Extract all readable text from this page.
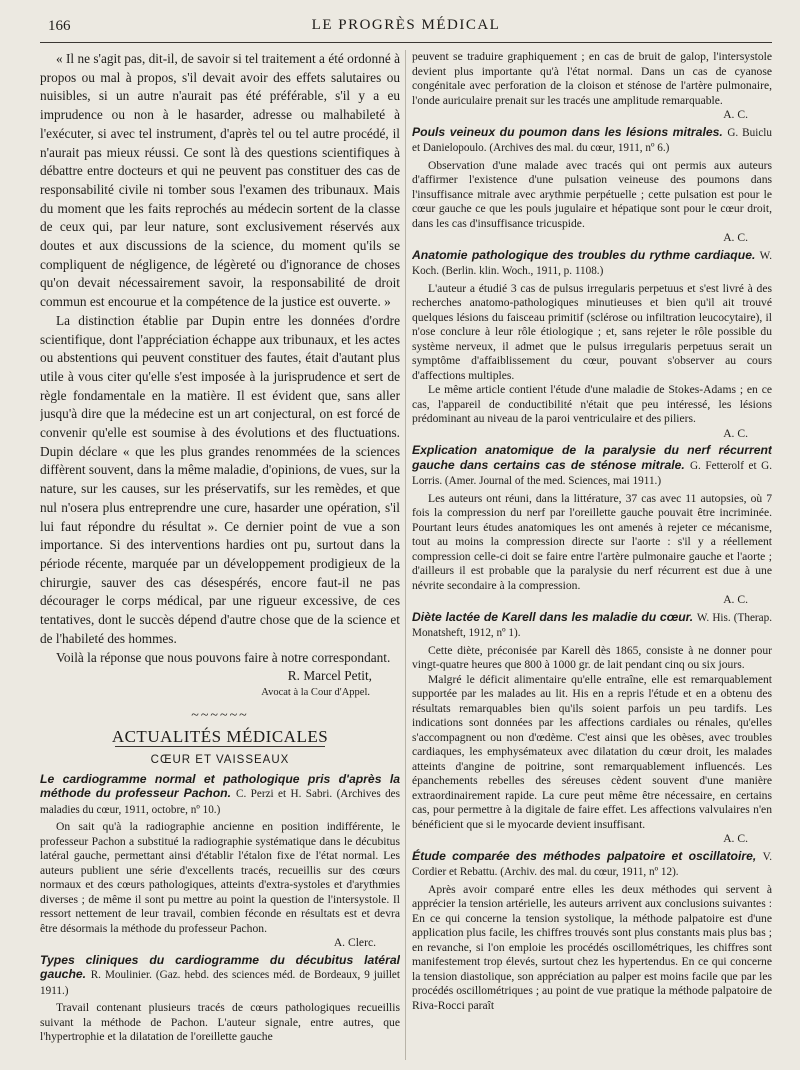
166	LE PROGRÈS MÉDICAL

« Il ne s'agit pas, dit-il, de savoir si tel traitement a été ordonné à propos ou mal à propos, s'il devait avoir des effets salutaires ou nuisibles, si un autre n'aurait pas été préférable, s'il y a eu imprudence ou non à le hasarder, adresse ou malhabileté à l'exécuter, si avec tel instrument, d'après tel ou tel autre procédé, il n'aurait pas mieux réussi. Ce sont là des questions scientifiques à débattre entre docteurs et qui ne peuvent pas constituer des cas de responsabilité civile ni tomber sous l'examen des tribunaux. Mais du moment que les faits reprochés au médecin sortent de la classe de ceux qui, par leur nature, sont exclusivement réservés aux doutes et aux discussions de la science, du moment qu'ils se compliquent de négligence, de légèreté ou d'ignorance de choses qu'on devait nécessairement savoir, la responsabilité de droit commun est encourue et la compétence de la justice est ouverte. »

La distinction établie par Dupin entre les données d'ordre scientifique, dont l'appréciation échappe aux tribunaux, et les actes ou abstentions qui peuvent constituer des fautes, était d'autant plus utile à vous citer qu'elle s'est imposée à la jurisprudence et sert de règle fondamentale en la matière. Il est évident que, sans aller jusqu'à dire que la médecine est un art conjectural, on est forcé de convenir qu'elle est soumise à des évolutions et des fluctuations. Dupin déclare « que les plus grandes renommées de la sciences diffèrent souvent, dans la même maladie, d'opinions, de vues, sur la nature, sur les causes, sur les préservatifs, sur les remèdes, et que nul n'osera plus entreprendre une cure, hasarder une opération, s'il lui faut répondre du résultat ». Ce dernier point de vue a son importance. Si des interventions hardies ont pu, surtout dans la période récente, marquée par un développement prodigieux de la chirurgie, sauver des cas désespérés, encore faut-il ne pas décourager le corps médical, par une rigueur excessive, de ces tentatives, dont le succès dépend d'autre chose que de la science et de l'habileté des hommes.

Voilà la réponse que nous pouvons faire à notre correspondant.

R. Marcel Petit,
Avocat à la Cour d'Appel.
~~~~~~
ACTUALITÉS MÉDICALES
CŒUR ET VAISSEAUX

Le cardiogramme normal et pathologique pris d'après la méthode du professeur Pachon. C. Perzi et H. Sabri. (Archives des maladies du cœur, 1911, octobre, nº 10.)

On sait qu'à la radiographie ancienne en position indifférente, le professeur Pachon a substitué la radiographie systématique dans le décubitus latéral gauche, permettant ainsi d'établir l'étalon fixe de l'état normal. Les auteurs publient une série d'excellents tracés, recueillis sur des cœurs normaux et des cœurs pathologiques, atteints d'extra-systoles et d'arythmies diverses ; de même il sont pu mettre au point la question de l'intersystole. Il ressort nettement de leur travail, combien féconde en résultats est et devra être désormais la méthode du professeur Pachon.

A. Clerc.

Types cliniques du cardiogramme du décubitus latéral gauche. R. Moulinier. (Gaz. hebd. des sciences méd. de Bordeaux, 9 juillet 1911.)

Travail contenant plusieurs tracés de cœurs pathologiques recueillis suivant la méthode de Pachon. L'auteur signale, entre autres, que l'hypertrophie et la dilatation de l'oreillette gauche

peuvent se traduire graphiquement ; en cas de bruit de galop, l'intersystole devient plus importante qu'à l'état normal. Dans un cas de cyanose congénitale avec perforation de la cloison et sténose de l'artère pulmonaire, l'onde auriculaire prenait sur les tracés une amplitude remarquable.

A. C.

Pouls veineux du poumon dans les lésions mitrales. G. Buiclu et Danielopoulo. (Archives des mal. du cœur, 1911, nº 6.)

Observation d'une malade avec tracés qui ont permis aux auteurs d'affirmer l'existence d'une pulsation veineuse des poumons dans l'insuffisance mitrale avec arythmie perpétuelle ; cette pulsation est pour le cœur gauche ce que les pouls jugulaire et hépatique sont pour le cœur droit, dans les cas d'insuffisance tricuspide.

A. C.

Anatomie pathologique des troubles du rythme cardiaque. W. Koch. (Berlin. klin. Woch., 1911, p. 1108.)

L'auteur a étudié 3 cas de pulsus irregularis perpetuus et s'est livré à des recherches anatomo-pathologiques minutieuses et bien qu'il ait trouvé quelques lésions du faisceau primitif (sclérose ou infiltration leucocytaire), il n'ose conclure à leur rôle étiologique ; et, sans rejeter le rôle possible du système nerveux, il admet que le pulsus irregularis perpetuus serait un symptôme d'affaiblissement du cœur, pouvant s'observer au cours d'affections multiples.

Le même article contient l'étude d'une maladie de Stokes-Adams ; en ce cas, l'appareil de conductibilité n'était que peu intéressé, les lésions prédominant au niveau de la paroi ventriculaire et des piliers.

A. C.

Explication anatomique de la paralysie du nerf récurrent gauche dans certains cas de sténose mitrale. G. Fetterolf et G. Lorris. (Amer. Journal of the med. Sciences, mai 1911.)

Les auteurs ont réuni, dans la littérature, 37 cas avec 11 autopsies, où 7 fois la compression du nerf par l'oreillette gauche pouvait être incriminée. Pourtant leurs études anatomiques les ont amenés à rejeter ce mécanisme, tout au moins la compression directe sur l'aorte : s'il y a réellement compression celle-ci doit se faire entre l'artère pulmonaire gauche et l'aorte ; d'ailleurs il est probable que la paralysie du nerf récurrent est due à une névrite secondaire à la compression.

A. C.

Diète lactée de Karell dans les maladie du cœur. W. His. (Therap. Monatsheft, 1912, nº 1).

Cette diète, préconisée par Karell dès 1865, consiste à ne donner pour vingt-quatre heures que 800 à 1000 gr. de lait pendant cinq ou six jours.

Malgré le déficit alimentaire qu'elle entraîne, elle est remarquablement supportée par les malades au lit. His en a repris l'étude et en a obtenu des résultats remarquables bien qu'ils soient parfois un peu tardifs. Les indications sont données par les affections cardiales ou rénales, qu'elles s'accompagnent ou non d'œdème. C'est ainsi que les obèses, avec troubles cardiaques, les emphysémateux avec dilatation du cœur droit, les malades atteints d'angine de poitrine, sont remarquablement influencés. Les épanchements rebelles des séreuses cèdent souvent d'une manière extraordinairement rapide. La cure peut même être nécessaire, en certains cas, pour permettre à la digitale de faire effet. Les affections valvulaires n'en bénéficient que si le myocarde devient insuffisant.

A. C.

Étude comparée des méthodes palpatoire et oscillatoire, V. Cordier et Rebattu. (Archiv. des mal. du cœur, 1911, nº 12).

Après avoir comparé entre elles les deux méthodes qui servent à apprécier la tension artérielle, les auteurs arrivent aux conclusions suivantes : En ce qui concerne la tension systolique, la méthode palpatoire est d'une application plus facile, les chiffres trouvés sont plus constants mais plus bas ; en revanche, si l'on emploie les procédés oscillométriques, les chiffres sont manifestement trop élevés, surtout chez les hypertendus. En ce qui concerne la tension diastolique, son appréciation au palper est moins facile que par les procédés oscillométriques ; au point de vue pratique la méthode palpatoire de Riva-Rocci paraît
